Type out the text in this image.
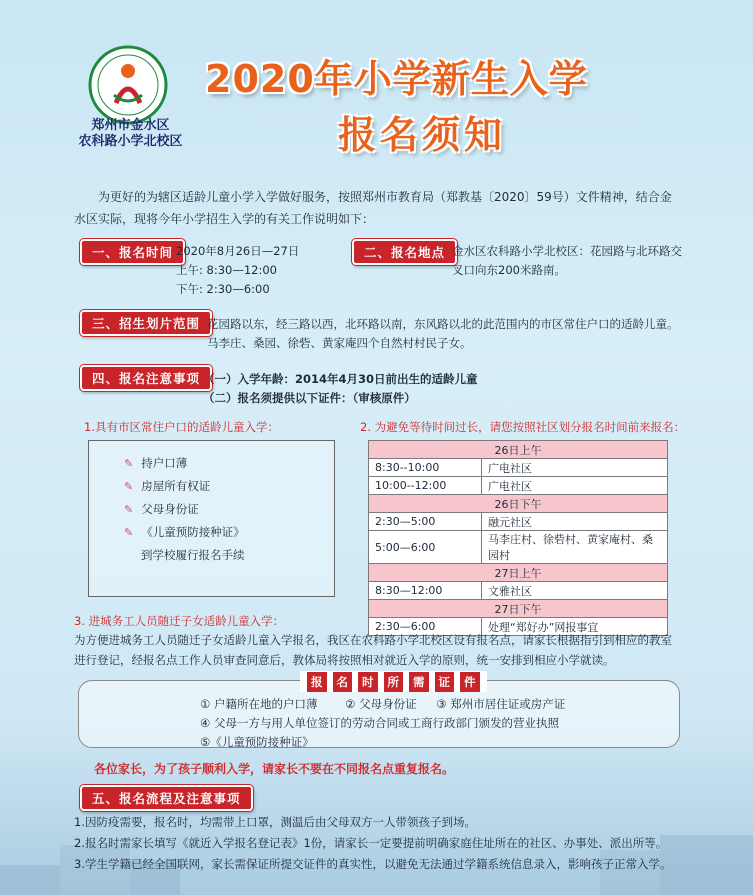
郑州市金水区
农科路小学北校区
2020年小学新生入学
报名须知
为更好的为辖区适龄儿童小学入学做好服务，按照郑州市教育局（郑教基〔2020〕59号）文件精神，结合金水区实际，现将今年小学招生入学的有关工作说明如下：
一、报名时间 2020年8月26日—27日
上午: 8:30—12:00
下午: 2:30—6:00
二、报名地点 金水区农科路小学北校区：花园路与北环路交
叉口向东200米路南。
三、招生划片范围 花园路以东，经三路以西，北环路以南，东风路以北的此范围内的市区常住户口的适龄儿童。
马李庄、桑园、徐砦、黄家庵四个自然村村民子女。
四、报名注意事项 （一）入学年龄：2014年4月30日前出生的适龄儿童
（二）报名须提供以下证件：（审核原件）
1.具有市区常住户口的适龄儿童入学：
✎ 持户口薄
✎ 房屋所有权证
✎ 父母身份证
✎ 《儿童预防接种证》
到学校履行报名手续
2. 为避免等待时间过长，请您按照社区划分报名时间前来报名：
26日上午	
8:30--10:00	广电社区
10:00--12:00	广电社区
26日下午	
2:30—5:00	融元社区
5:00—6:00	马李庄村、徐砦村、黄家庵村、桑园村
27日上午	
8:30—12:00	文雅社区
27日下午	
2:30—6:00	处理“郑好办”网报事宜
3. 进城务工人员随迁子女适龄儿童入学：
为方便进城务工人员随迁子女适龄儿童入学报名，我区在农科路小学北校区设有报名点，请家长根据指引到相应的教室进行登记，经报名点工作人员审查同意后，教体局将按照相对就近入学的原则，统一安排到相应小学就读。
报 名 时 所 需 证 件
① 户籍所在地的户口薄 ② 父母身份证 ③ 郑州市居住证或房产证
④ 父母一方与用人单位签订的劳动合同或工商行政部门颁发的营业执照
⑤《儿童预防接种证》
各位家长，为了孩子顺利入学，请家长不要在不同报名点重复报名。
五、报名流程及注意事项
1.因防疫需要，报名时，均需带上口罩，测温后由父母双方一人带领孩子到场。
2.报名时需家长填写《就近入学报名登记表》1份，请家长一定要提前明确家庭住址所在的社区、办事处、派出所等。
3.学生学籍已经全国联网，家长需保证所提交证件的真实性，以避免无法通过学籍系统信息录入，影响孩子正常入学。
